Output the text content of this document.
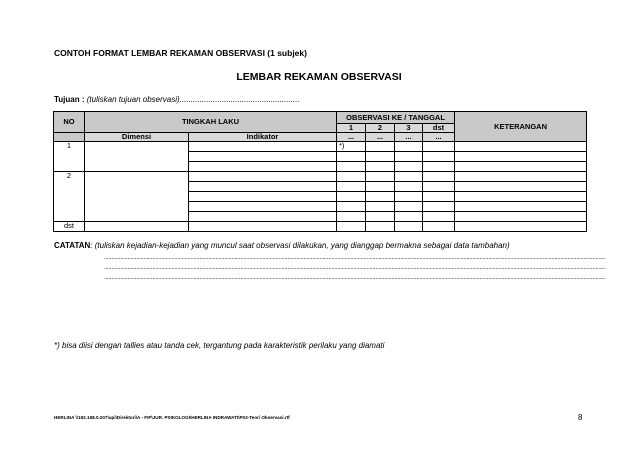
CONTOH FORMAT LEMBAR REKAMAN OBSERVASI (1 subjek)
LEMBAR REKAMAN OBSERVASI
Tujuan : (tuliskan tujuan observasi)......................................................
NO	TINGKAH LAKU		OBSERVASI KE / TANGGAL				KETERANGAN
			1	2	3	dst	
	Dimensi	Indikator	...	...	...	...	
1			*)				

2							

dst							
CATATAN: (tuliskan kejadian-kejadian yang muncul saat observasi dilakukan, yang dianggap bermakna sebagai data tambahan)
......................................................................................................................................................................................................................................................................................................................................................
......................................................................................................................................................................................................................................................................................................................................................
......................................................................................................................................................................................................................................................................................................................................................
*) bisa diisi dengan tallies atau tanda cek, tergantung pada karakteristik perilaku yang diamati
HERLINA \\192.168.0.207\upi\Direktori\A - FIP\JUR. PSIKOLOGI\HERLINA INDRAWATI\P03-Teori Observasi.rtf	8
